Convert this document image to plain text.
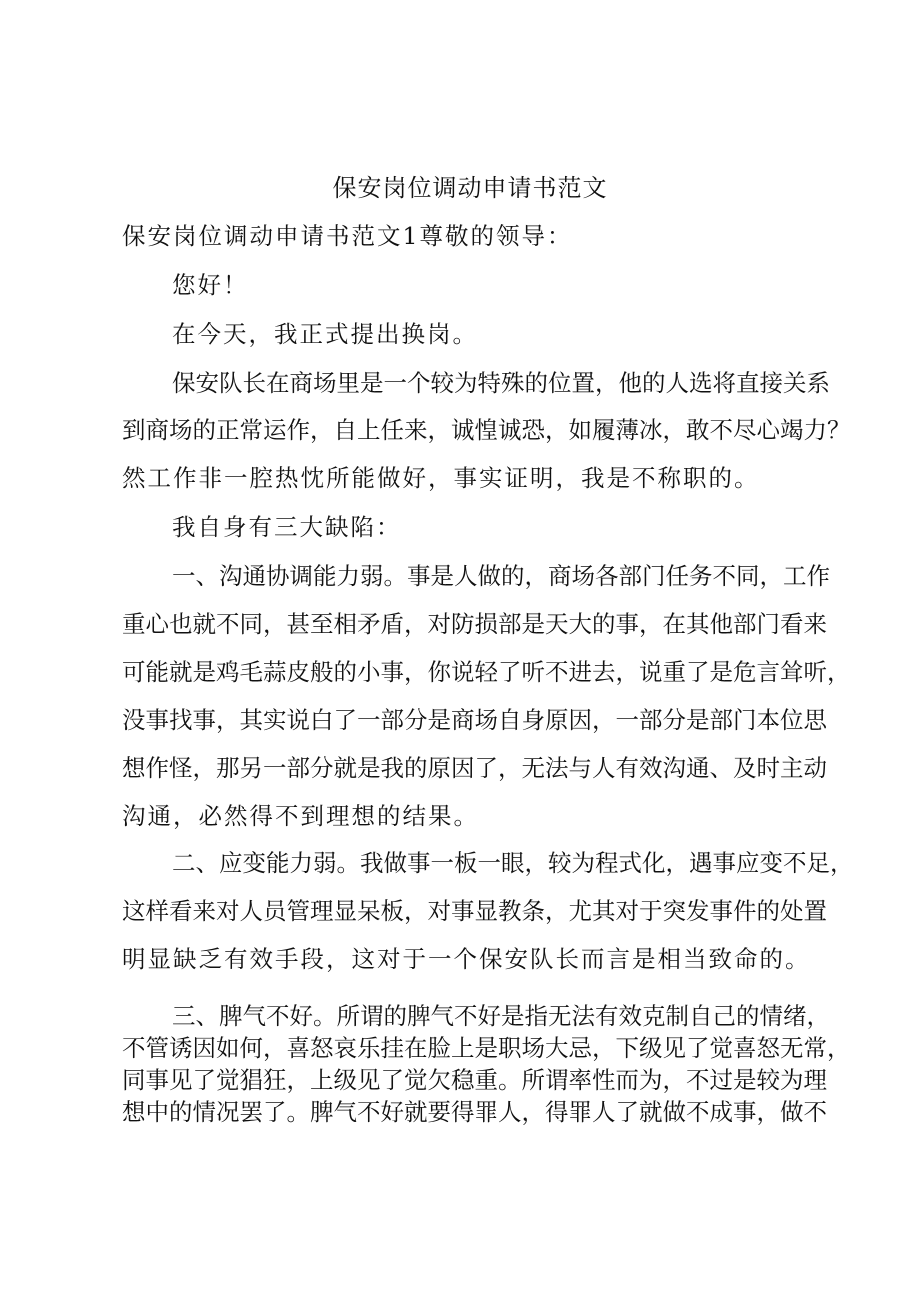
保安岗位调动申请书范文
保安岗位调动申请书范文1尊敬的领导：
您好！
在今天，我正式提出换岗。
保安队长在商场里是一个较为特殊的位置，他的人选将直接关系
到商场的正常运作，自上任来，诚惶诚恐，如履薄冰，敢不尽心竭力？
然工作非一腔热忱所能做好，事实证明，我是不称职的。
我自身有三大缺陷：
一、沟通协调能力弱。事是人做的，商场各部门任务不同，工作
重心也就不同，甚至相矛盾，对防损部是天大的事，在其他部门看来
可能就是鸡毛蒜皮般的小事，你说轻了听不进去，说重了是危言耸听，
没事找事，其实说白了一部分是商场自身原因，一部分是部门本位思
想作怪，那另一部分就是我的原因了，无法与人有效沟通、及时主动
沟通，必然得不到理想的结果。
二、应变能力弱。我做事一板一眼，较为程式化，遇事应变不足，
这样看来对人员管理显呆板，对事显教条，尤其对于突发事件的处置
明显缺乏有效手段，这对于一个保安队长而言是相当致命的。
三、脾气不好。所谓的脾气不好是指无法有效克制自己的情绪，
不管诱因如何，喜怒哀乐挂在脸上是职场大忌，下级见了觉喜怒无常，
同事见了觉猖狂，上级见了觉欠稳重。所谓率性而为，不过是较为理
想中的情况罢了。脾气不好就要得罪人，得罪人了就做不成事，做不
